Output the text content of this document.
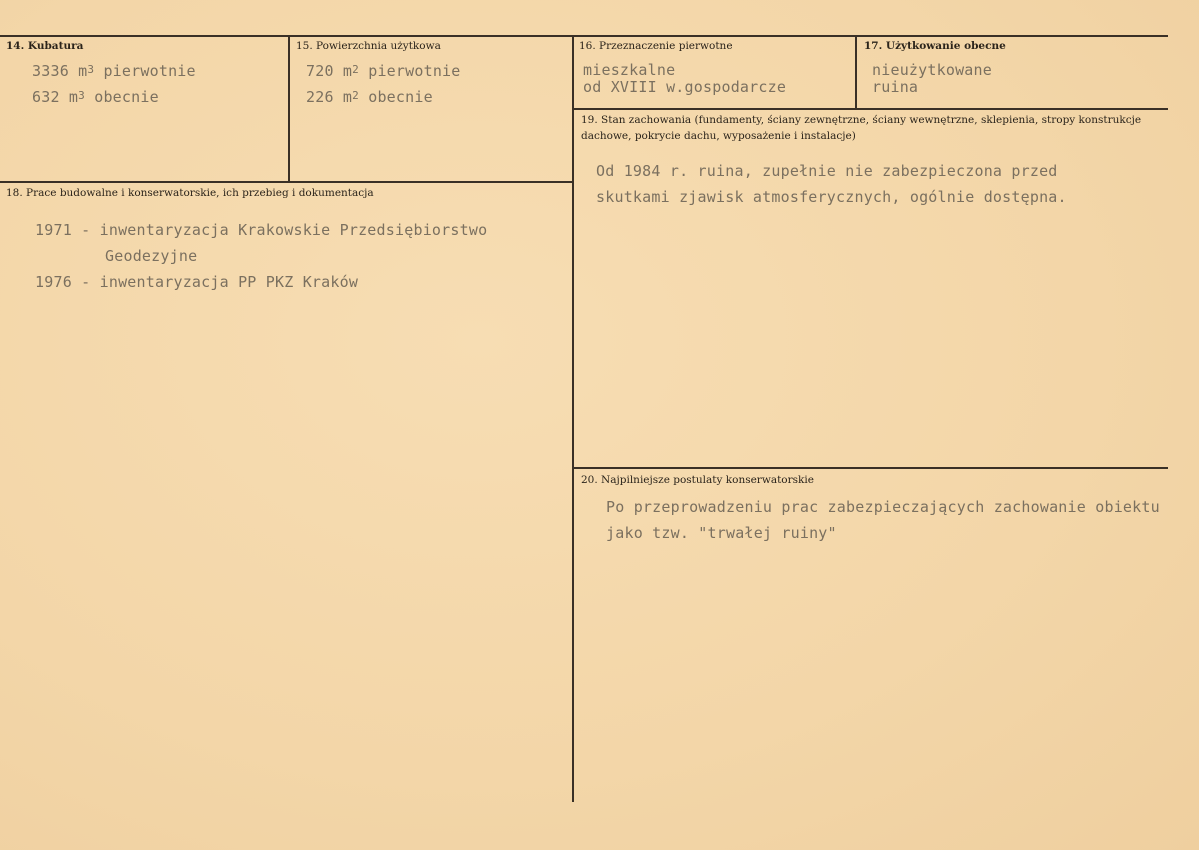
14. Kubatura
3336 $m^3$ pierwotnie
632 $m^3$ obecnie
15. Powierzchnia użytkowa
720 $m^2$ pierwotnie
226 $m^2$ obecnie
16. Przeznaczenie pierwotne
mieszkalne
od XVIII w.gospodarcze
17. Użytkowanie obecne
nieużytkowane
ruina
18. Prace budowalne i konserwatorskie, ich przebieg i dokumentacja
1971 - inwentaryzacja Krakowskie Przedsiębiorstwo
Geodezyjne
1976 - inwentaryzacja PP PKZ Kraków
19. Stan zachowania (fundamenty, ściany zewnętrzne, ściany wewnętrzne, sklepienia, stropy konstrukcje dachowe, pokrycie dachu, wyposażenie i instalacje)
Od 1984 r. ruina, zupełnie nie zabezpieczona przed
skutkami zjawisk atmosferycznych, ogólnie dostępna.
20. Najpilniejsze postulaty konserwatorskie
Po przeprowadzeniu prac zabezpieczających zachowanie obiektu
jako tzw. "trwałej ruiny"
